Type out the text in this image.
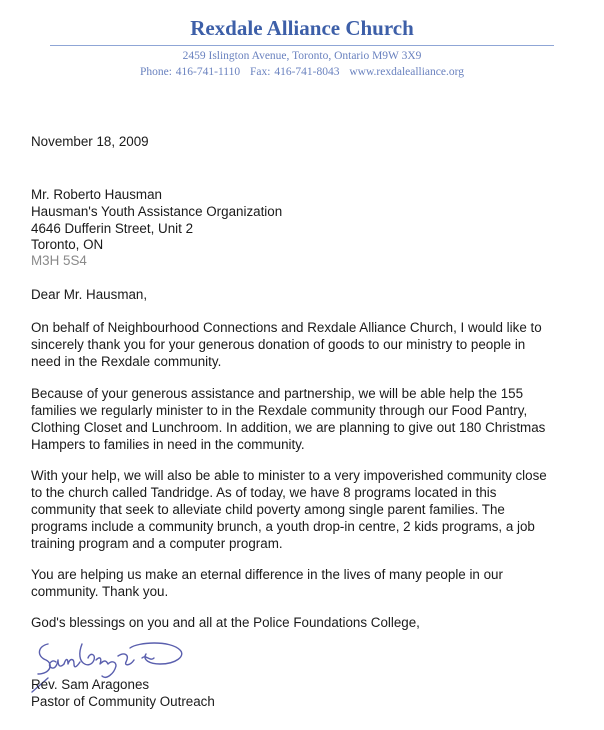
Rexdale Alliance Church
2459 Islington Avenue, Toronto, Ontario M9W 3X9
Phone: 416-741-1110 Fax: 416-741-8043 www.rexdalealliance.org
November 18, 2009
Mr. Roberto Hausman
Hausman's Youth Assistance Organization
4646 Dufferin Street, Unit 2
Toronto, ON
M3H 5S4
Dear Mr. Hausman,
On behalf of Neighbourhood Connections and Rexdale Alliance Church, I would like to
sincerely thank you for your generous donation of goods to our ministry to people in
need in the Rexdale community.
Because of your generous assistance and partnership, we will be able help the 155
families we regularly minister to in the Rexdale community through our Food Pantry,
Clothing Closet and Lunchroom. In addition, we are planning to give out 180 Christmas
Hampers to families in need in the community.
With your help, we will also be able to minister to a very impoverished community close
to the church called Tandridge. As of today, we have 8 programs located in this
community that seek to alleviate child poverty among single parent families. The
programs include a community brunch, a youth drop-in centre, 2 kids programs, a job
training program and a computer program.
You are helping us make an eternal difference in the lives of many people in our
community. Thank you.
God's blessings on you and all at the Police Foundations College,
Rev. Sam Aragones
Pastor of Community Outreach
